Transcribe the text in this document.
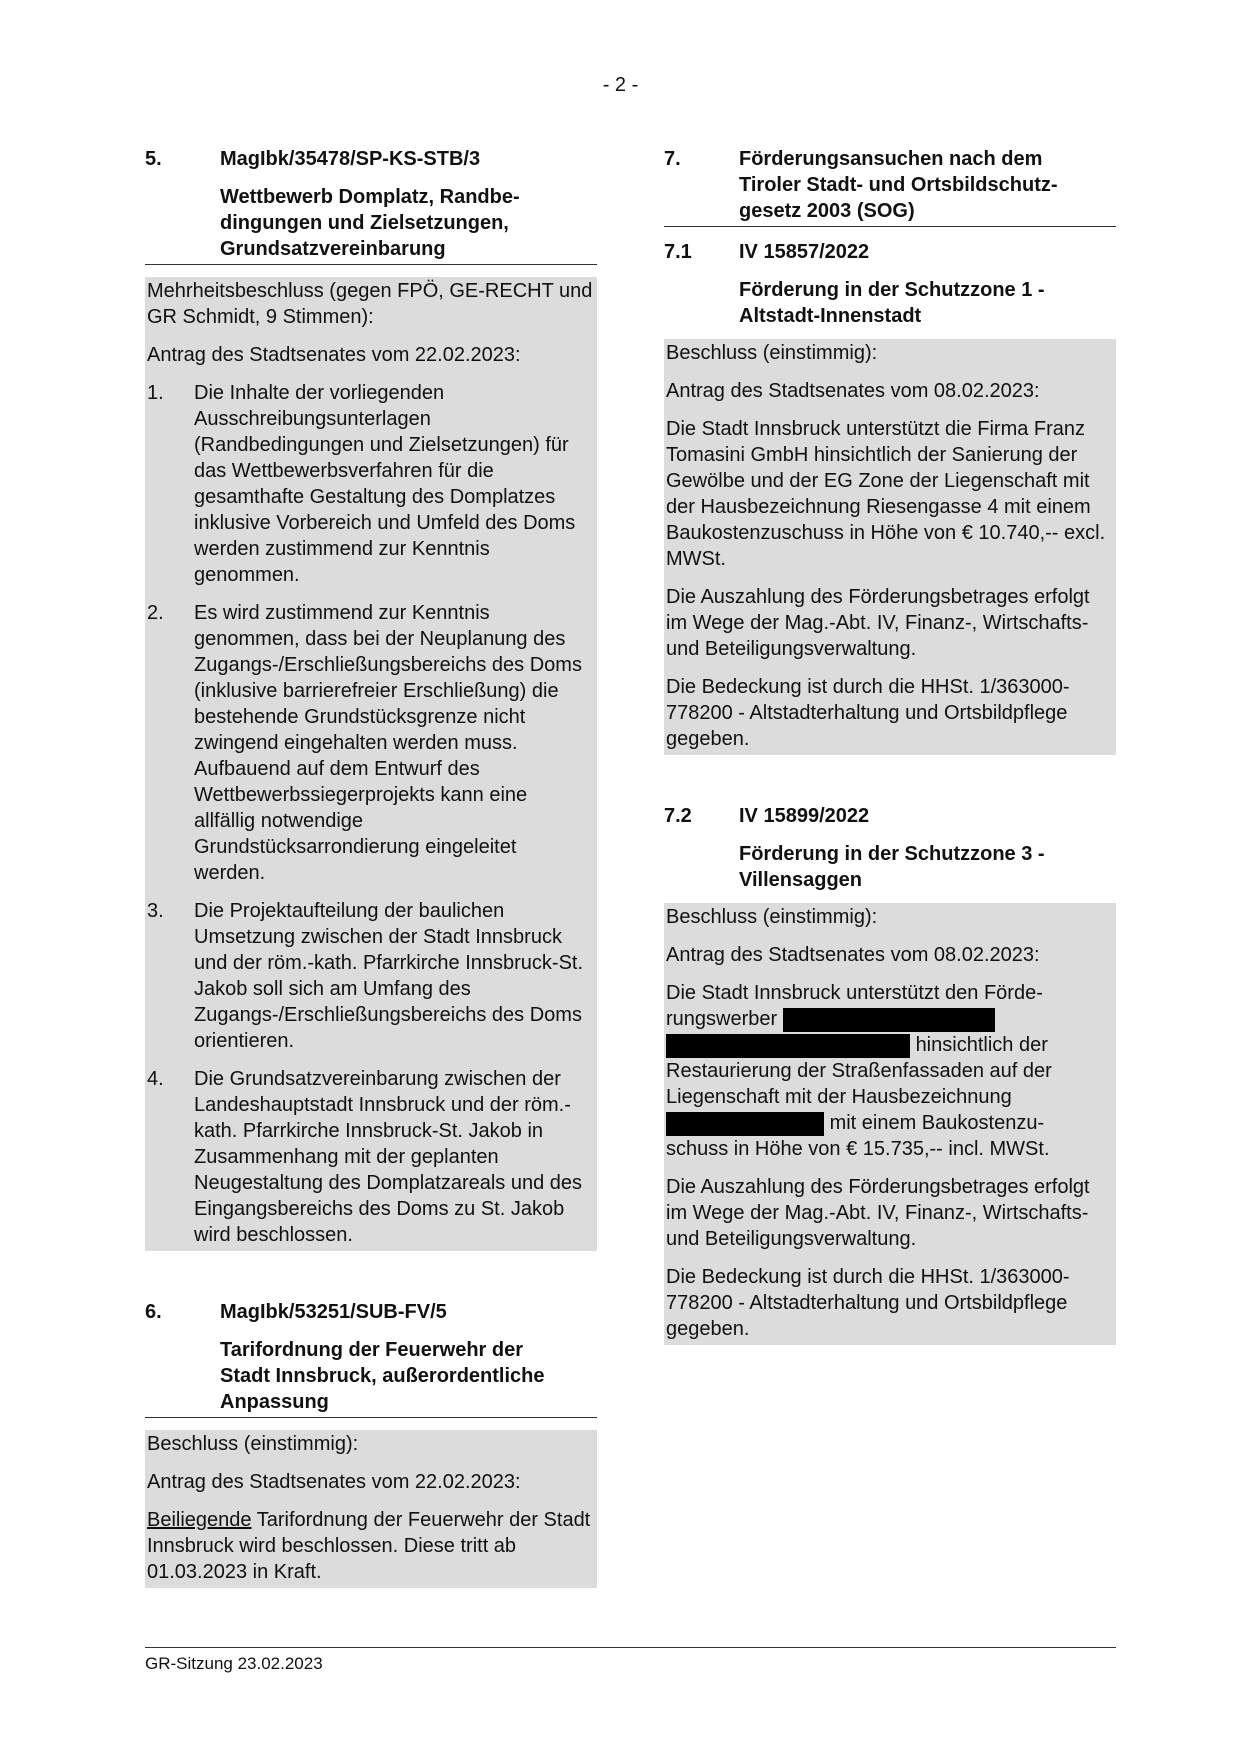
- 2 -
5.	MagIbk/35478/SP-KS-STB/3
Wettbewerb Domplatz, Randbe-
dingungen und Zielsetzungen,
Grundsatzvereinbarung

Mehrheitsbeschluss (gegen FPÖ, GE-RECHT und GR Schmidt, 9 Stimmen):

Antrag des Stadtsenates vom 22.02.2023:

1.	Die Inhalte der vorliegenden Ausschreibungsunterlagen (Randbedingungen und Zielsetzungen) für das Wettbewerbsverfahren für die gesamthafte Gestaltung des Domplatzes inklusive Vorbereich und Umfeld des Doms werden zustimmend zur Kenntnis genommen.
2.	Es wird zustimmend zur Kenntnis genommen, dass bei der Neuplanung des Zugangs-/Erschließungsbereichs des Doms (inklusive barrierefreier Erschließung) die bestehende Grundstücksgrenze nicht zwingend eingehalten werden muss. Aufbauend auf dem Entwurf des Wettbewerbssiegerprojekts kann eine allfällig notwendige Grundstücksarrondierung eingeleitet werden.
3.	Die Projektaufteilung der baulichen Umsetzung zwischen der Stadt Innsbruck und der röm.-kath. Pfarrkirche Innsbruck-St. Jakob soll sich am Umfang des Zugangs-/Erschließungsbereichs des Doms orientieren.
4.	Die Grundsatzvereinbarung zwischen der Landeshauptstadt Innsbruck und der röm.-kath. Pfarrkirche Innsbruck-St. Jakob in Zusammenhang mit der geplanten Neugestaltung des Domplatzareals und des Eingangsbereichs des Doms zu St. Jakob wird beschlossen.
6.	MagIbk/53251/SUB-FV/5
Tarifordnung der Feuerwehr der
Stadt Innsbruck, außerordentliche
Anpassung

Beschluss (einstimmig):

Antrag des Stadtsenates vom 22.02.2023:

Beiliegende Tarifordnung der Feuerwehr der Stadt Innsbruck wird beschlossen. Diese tritt ab 01.03.2023 in Kraft.

7.	Förderungsansuchen nach dem
Tiroler Stadt- und Ortsbildschutz-
gesetz 2003 (SOG)
7.1	IV 15857/2022
Förderung in der Schutzzone 1 -
Altstadt-Innenstadt

Beschluss (einstimmig):

Antrag des Stadtsenates vom 08.02.2023:

Die Stadt Innsbruck unterstützt die Firma Franz Tomasini GmbH hinsichtlich der Sanierung der Gewölbe und der EG Zone der Liegenschaft mit der Hausbezeichnung Riesengasse 4 mit einem Baukostenzuschuss in Höhe von € 10.740,-- excl. MWSt.

Die Auszahlung des Förderungsbetrages erfolgt im Wege der Mag.-Abt. IV, Finanz-, Wirtschafts- und Beteiligungsverwaltung.

Die Bedeckung ist durch die HHSt. 1/363000-778200 - Altstadterhaltung und Ortsbildpflege gegeben.

7.2	IV 15899/2022
Förderung in der Schutzzone 3 -
Villensaggen

Beschluss (einstimmig):

Antrag des Stadtsenates vom 08.02.2023:

Die Stadt Innsbruck unterstützt den Förde-
rungswerber
hinsichtlich der
Restaurierung der Straßenfassaden auf der
Liegenschaft mit der Hausbezeichnung
mit einem Baukostenzu-
schuss in Höhe von € 15.735,-- incl. MWSt.

Die Auszahlung des Förderungsbetrages erfolgt im Wege der Mag.-Abt. IV, Finanz-, Wirtschafts- und Beteiligungsverwaltung.

Die Bedeckung ist durch die HHSt. 1/363000-778200 - Altstadterhaltung und Ortsbildpflege gegeben.

GR-Sitzung 23.02.2023
